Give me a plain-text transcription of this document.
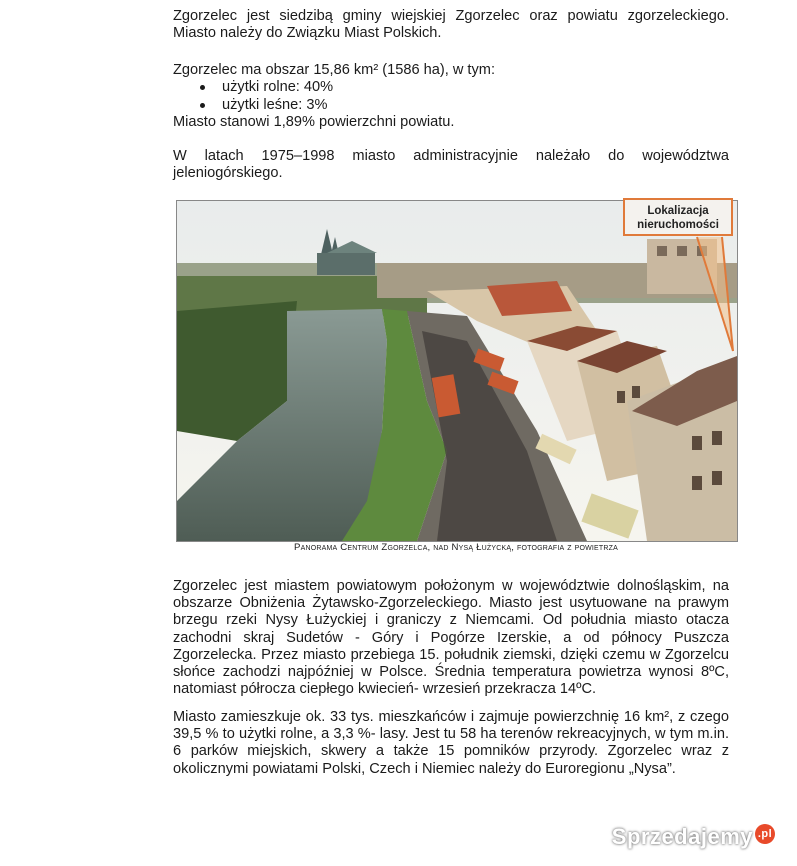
Zgorzelec jest siedzibą gminy wiejskiej Zgorzelec oraz powiatu zgorzeleckiego.
Miasto należy do Związku Miast Polskich.
Zgorzelec ma obszar 15,86 km² (1586 ha), w tym:
użytki rolne: 40%
użytki leśne: 3%
Miasto stanowi 1,89% powierzchni powiatu.
W latach 1975–1998 miasto administracyjnie należało do województwa jeleniogórskiego.
Lokalizacja
nieruchomości
Panorama Centrum Zgorzelca, nad Nysą Łużycką, fotografia z powietrza
Zgorzelec jest miastem powiatowym położonym w województwie dolnośląskim, na obszarze Obniżenia Żytawsko-Zgorzeleckiego. Miasto jest usytuowane na prawym brzegu rzeki Nysy Łużyckiej i graniczy z Niemcami. Od południa miasto otacza zachodni skraj Sudetów - Góry i Pogórze Izerskie, a od północy Puszcza Zgorzelecka. Przez miasto przebiega 15. południk ziemski, dzięki czemu w Zgorzelcu słońce zachodzi najpóźniej w Polsce. Średnia temperatura powietrza wynosi 8ºC, natomiast półrocza ciepłego kwiecień- wrzesień przekracza 14ºC.
Miasto zamieszkuje ok. 33 tys. mieszkańców i zajmuje powierzchnię 16 km², z czego 39,5 % to użytki rolne, a 3,3 %- lasy. Jest tu 58 ha terenów rekreacyjnych, w tym m.in. 6 parków miejskich, skwery a także 15 pomników przyrody. Zgorzelec wraz z okolicznymi powiatami Polski, Czech i Niemiec należy do Euroregionu „Nysa”.
Sprzedajemy .pl
